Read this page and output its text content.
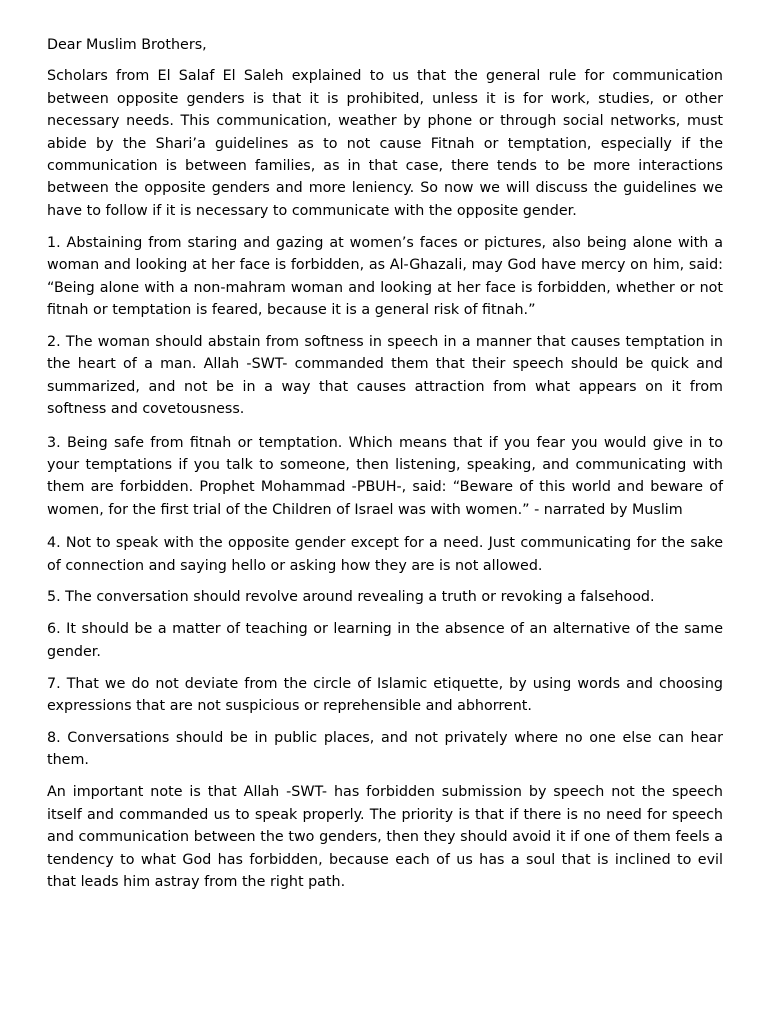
Dear Muslim Brothers,

Scholars from El Salaf El Saleh explained to us that the general rule for communication between opposite genders is that it is prohibited, unless it is for work, studies, or other necessary needs. This communication, weather by phone or through social networks, must abide by the Shari’a guidelines as to not cause Fitnah or temptation, especially if the communication is between families, as in that case, there tends to be more interactions between the opposite genders and more leniency. So now we will discuss the guidelines we have to follow if it is necessary to communicate with the opposite gender.

1. Abstaining from staring and gazing at women’s faces or pictures, also being alone with a woman and looking at her face is forbidden, as Al-Ghazali, may God have mercy on him, said: “Being alone with a non-mahram woman and looking at her face is forbidden, whether or not fitnah or temptation is feared, because it is a general risk of fitnah.”
2. The woman should abstain from softness in speech in a manner that causes temptation in the heart of a man. Allah -SWT- commanded them that their speech should be quick and summarized, and not be in a way that causes attraction from what appears on it from softness and covetousness.
3. Being safe from fitnah or temptation. Which means that if you fear you would give in to your temptations if you talk to someone, then listening, speaking, and communicating with them are forbidden. Prophet Mohammad -PBUH-, said: “Beware of this world and beware of women, for the first trial of the Children of Israel was with women.” - narrated by Muslim
4. Not to speak with the opposite gender except for a need. Just communicating for the sake of connection and saying hello or asking how they are is not allowed.
5. The conversation should revolve around revealing a truth or revoking a falsehood.
6. It should be a matter of teaching or learning in the absence of an alternative of the same gender.
7. That we do not deviate from the circle of Islamic etiquette, by using words and choosing expressions that are not suspicious or reprehensible and abhorrent.
8. Conversations should be in public places, and not privately where no one else can hear them.

An important note is that Allah -SWT- has forbidden submission by speech not the speech itself and commanded us to speak properly. The priority is that if there is no need for speech and communication between the two genders, then they should avoid it if one of them feels a tendency to what God has forbidden, because each of us has a soul that is inclined to evil that leads him astray from the right path.
